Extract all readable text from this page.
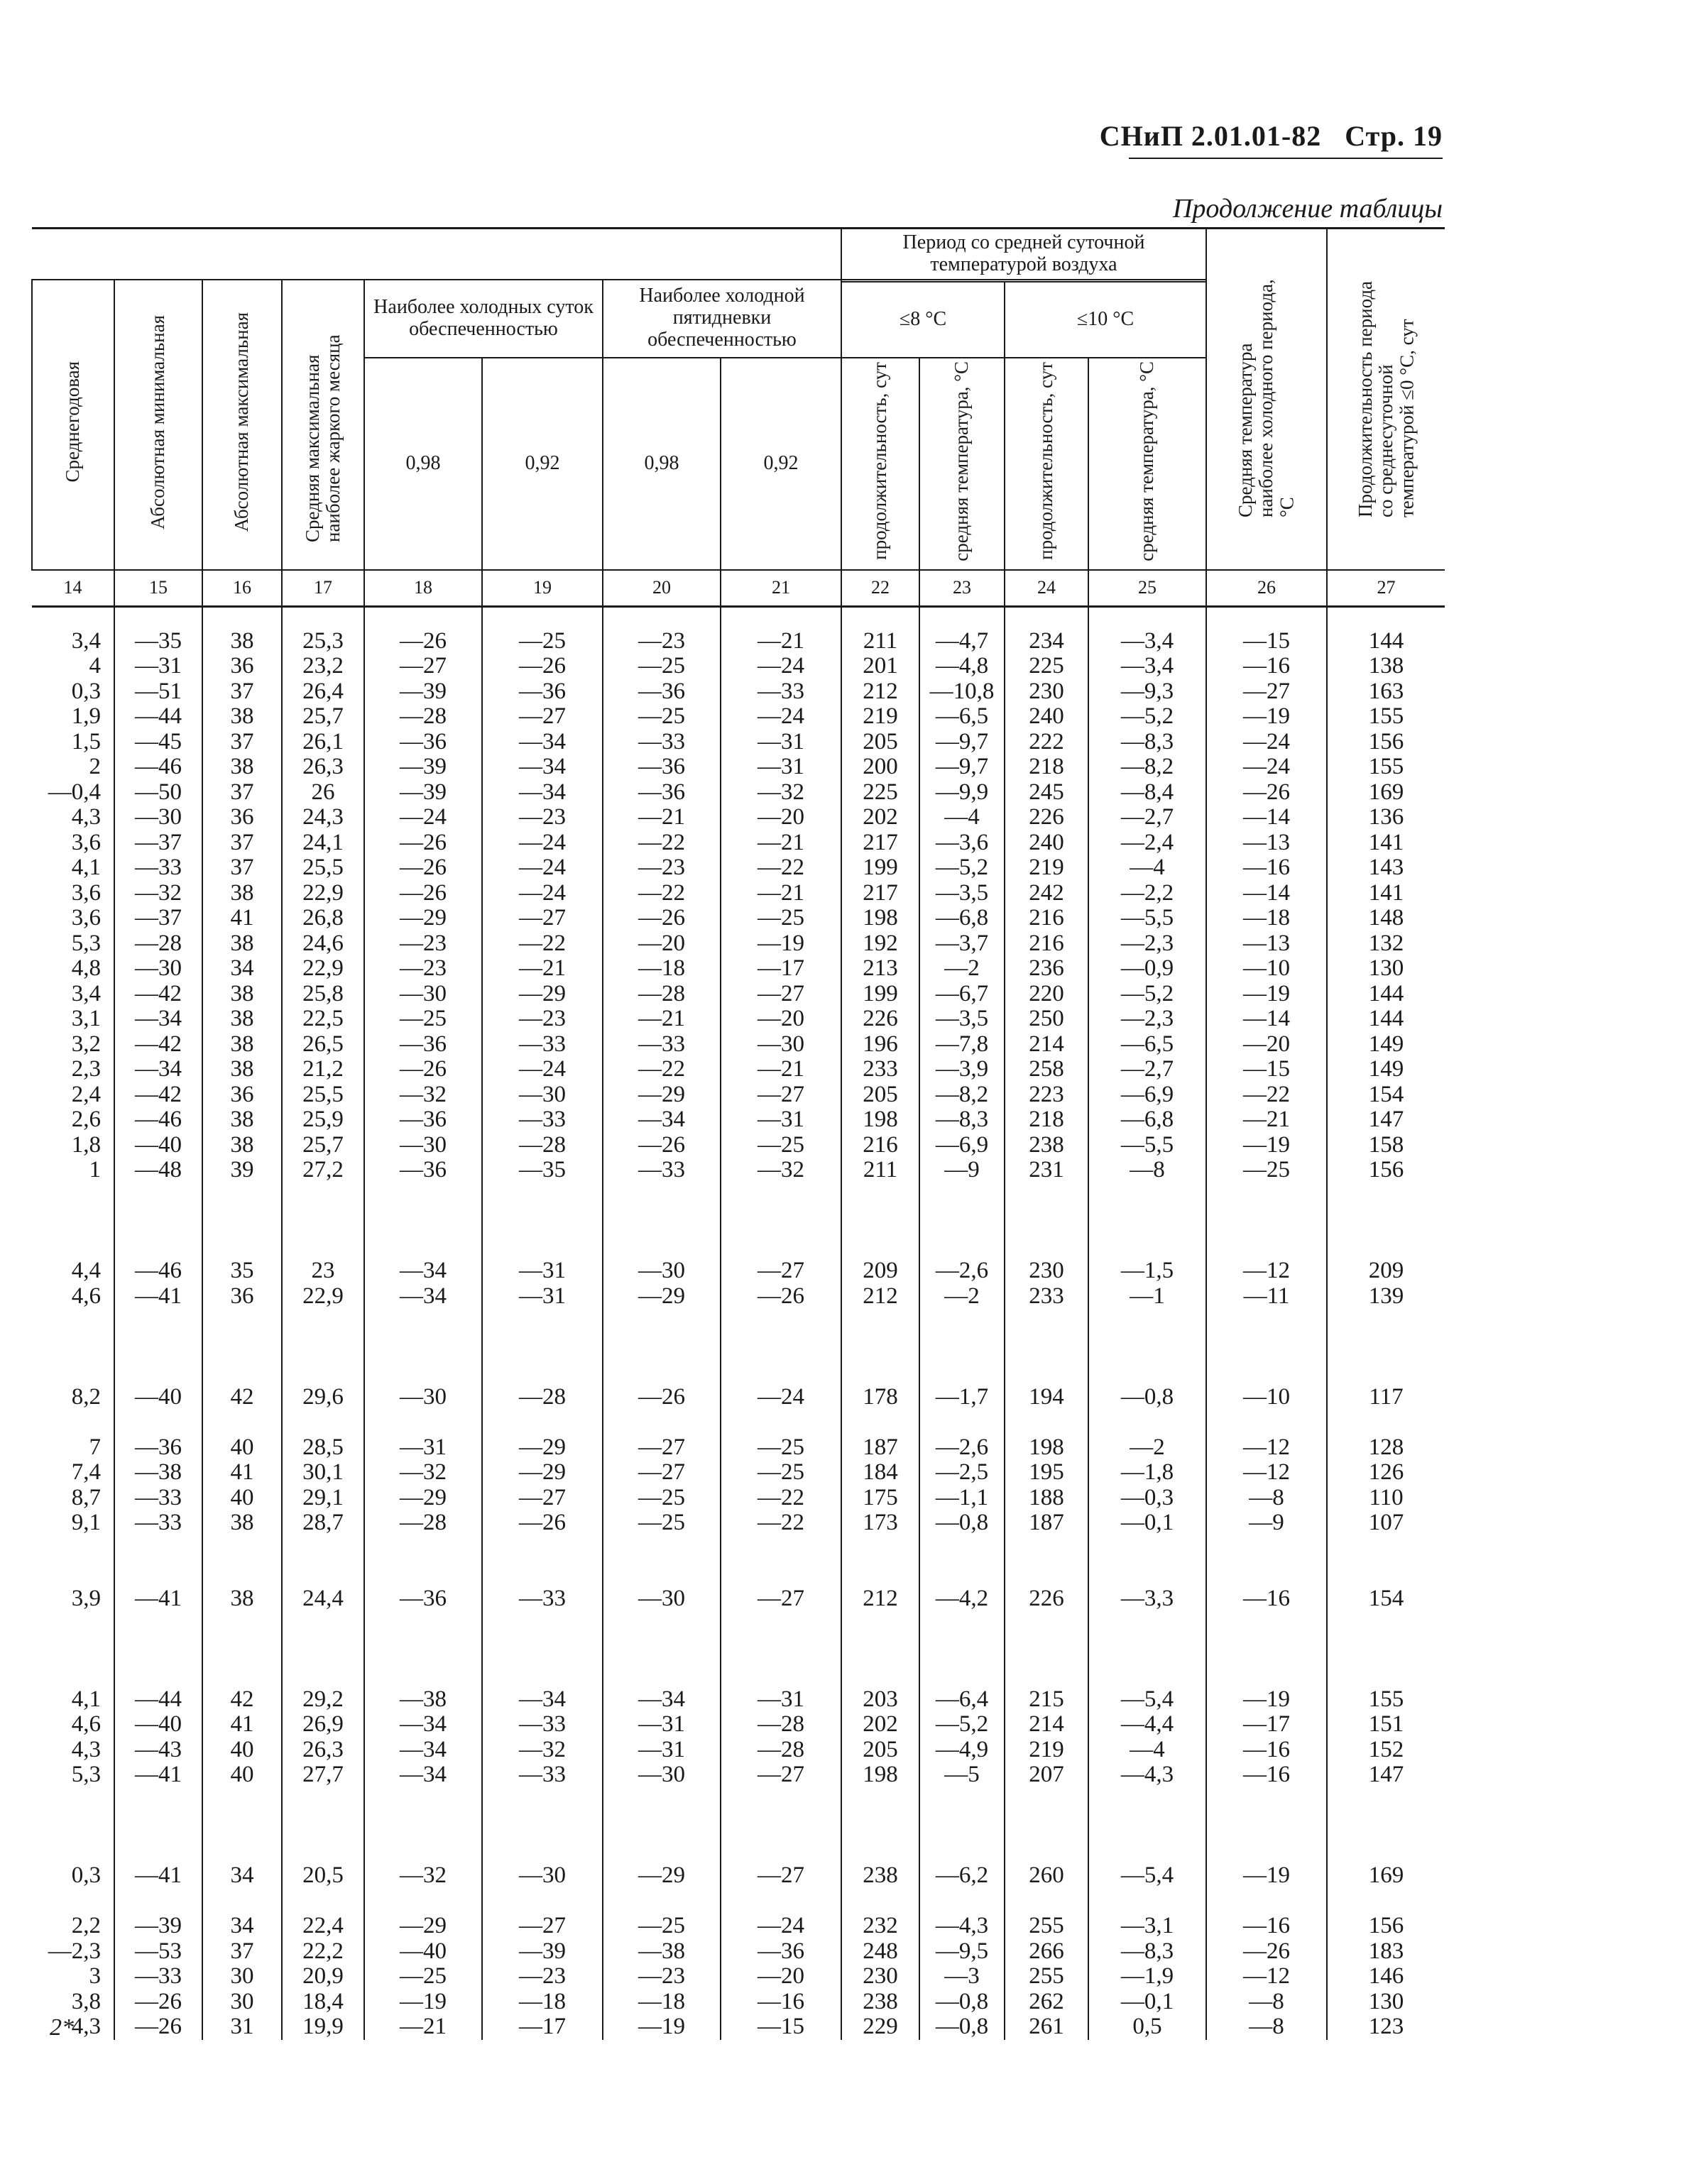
СНиП 2.01.01-82 Стр. 19
Продолжение таблицы
								Период со средней суточной температурой воздуха				Средняя температура наиболее холодного периода, °С	Продолжительность периода со среднесуточной температурой ≤0 °С, сут
Среднегодовая	Абсолютная минимальная	Абсолютная максимальная	Средняя максимальная наиболее жаркого месяца	Наиболее холодных суток обеспеченностью		Наиболее холодной пятидневки обеспеченностью							
								≤8 °С		≤10 °С			
				0,98	0,92	0,98	0,92	продолжительность, сут	средняя температура, °С	продолжительность, сут	средняя температура, °С		
14	15	16	17	18	19	20	21	22	23	24	25	26	27

3,4	—35	38	25,3	—26	—25	—23	—21	211	—4,7	234	—3,4	—15	144
4	—31	36	23,2	—27	—26	—25	—24	201	—4,8	225	—3,4	—16	138
0,3	—51	37	26,4	—39	—36	—36	—33	212	—10,8	230	—9,3	—27	163
1,9	—44	38	25,7	—28	—27	—25	—24	219	—6,5	240	—5,2	—19	155
1,5	—45	37	26,1	—36	—34	—33	—31	205	—9,7	222	—8,3	—24	156
2	—46	38	26,3	—39	—34	—36	—31	200	—9,7	218	—8,2	—24	155
—0,4	—50	37	26	—39	—34	—36	—32	225	—9,9	245	—8,4	—26	169
4,3	—30	36	24,3	—24	—23	—21	—20	202	—4	226	—2,7	—14	136
3,6	—37	37	24,1	—26	—24	—22	—21	217	—3,6	240	—2,4	—13	141
4,1	—33	37	25,5	—26	—24	—23	—22	199	—5,2	219	—4	—16	143
3,6	—32	38	22,9	—26	—24	—22	—21	217	—3,5	242	—2,2	—14	141
3,6	—37	41	26,8	—29	—27	—26	—25	198	—6,8	216	—5,5	—18	148
5,3	—28	38	24,6	—23	—22	—20	—19	192	—3,7	216	—2,3	—13	132
4,8	—30	34	22,9	—23	—21	—18	—17	213	—2	236	—0,9	—10	130
3,4	—42	38	25,8	—30	—29	—28	—27	199	—6,7	220	—5,2	—19	144
3,1	—34	38	22,5	—25	—23	—21	—20	226	—3,5	250	—2,3	—14	144
3,2	—42	38	26,5	—36	—33	—33	—30	196	—7,8	214	—6,5	—20	149
2,3	—34	38	21,2	—26	—24	—22	—21	233	—3,9	258	—2,7	—15	149
2,4	—42	36	25,5	—32	—30	—29	—27	205	—8,2	223	—6,9	—22	154
2,6	—46	38	25,9	—36	—33	—34	—31	198	—8,3	218	—6,8	—21	147
1,8	—40	38	25,7	—30	—28	—26	—25	216	—6,9	238	—5,5	—19	158
1	—48	39	27,2	—36	—35	—33	—32	211	—9	231	—8	—25	156

4,4	—46	35	23	—34	—31	—30	—27	209	—2,6	230	—1,5	—12	209
4,6	—41	36	22,9	—34	—31	—29	—26	212	—2	233	—1	—11	139

8,2	—40	42	29,6	—30	—28	—26	—24	178	—1,7	194	—0,8	—10	117

7	—36	40	28,5	—31	—29	—27	—25	187	—2,6	198	—2	—12	128
7,4	—38	41	30,1	—32	—29	—27	—25	184	—2,5	195	—1,8	—12	126
8,7	—33	40	29,1	—29	—27	—25	—22	175	—1,1	188	—0,3	—8	110
9,1	—33	38	28,7	—28	—26	—25	—22	173	—0,8	187	—0,1	—9	107

3,9	—41	38	24,4	—36	—33	—30	—27	212	—4,2	226	—3,3	—16	154

4,1	—44	42	29,2	—38	—34	—34	—31	203	—6,4	215	—5,4	—19	155
4,6	—40	41	26,9	—34	—33	—31	—28	202	—5,2	214	—4,4	—17	151
4,3	—43	40	26,3	—34	—32	—31	—28	205	—4,9	219	—4	—16	152
5,3	—41	40	27,7	—34	—33	—30	—27	198	—5	207	—4,3	—16	147

0,3	—41	34	20,5	—32	—30	—29	—27	238	—6,2	260	—5,4	—19	169

2,2	—39	34	22,4	—29	—27	—25	—24	232	—4,3	255	—3,1	—16	156
—2,3	—53	37	22,2	—40	—39	—38	—36	248	—9,5	266	—8,3	—26	183
3	—33	30	20,9	—25	—23	—23	—20	230	—3	255	—1,9	—12	146
3,8	—26	30	18,4	—19	—18	—18	—16	238	—0,8	262	—0,1	—8	130
4,3	—26	31	19,9	—21	—17	—19	—15	229	—0,8	261	0,5	—8	123
2*
